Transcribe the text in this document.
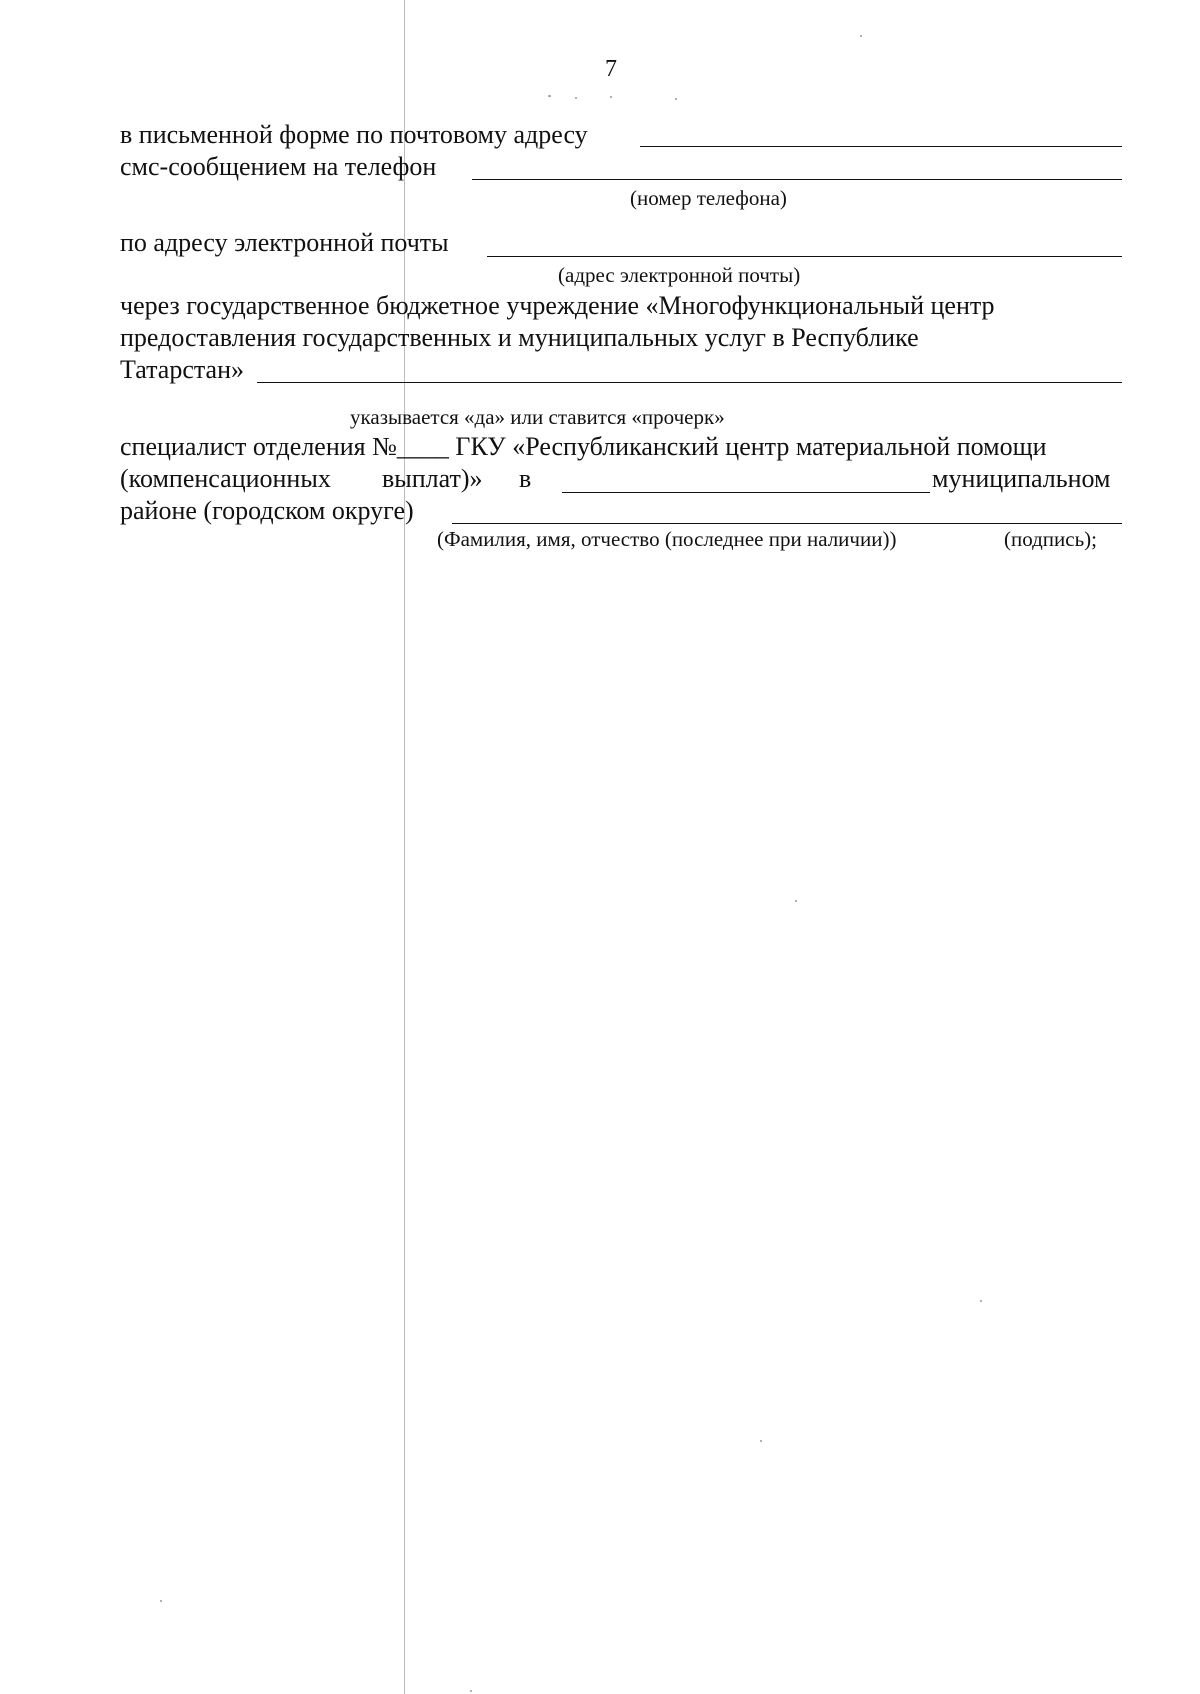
7
в письменной форме по почтовому адресу
смс-сообщением на телефон
(номер телефона)
по адресу электронной почты
(адрес электронной почты)
через государственное бюджетное учреждение «Многофункциональный центр
предоставления государственных и муниципальных услуг в Республике
Татарстан»
указывается «да» или ставится «прочерк»
специалист отделения №____ ГКУ «Республиканский центр материальной помощи
(компенсационных выплат)» в	муниципальном
районе (городском округе)
(Фамилия, имя, отчество (последнее при наличии))	(подпись);
